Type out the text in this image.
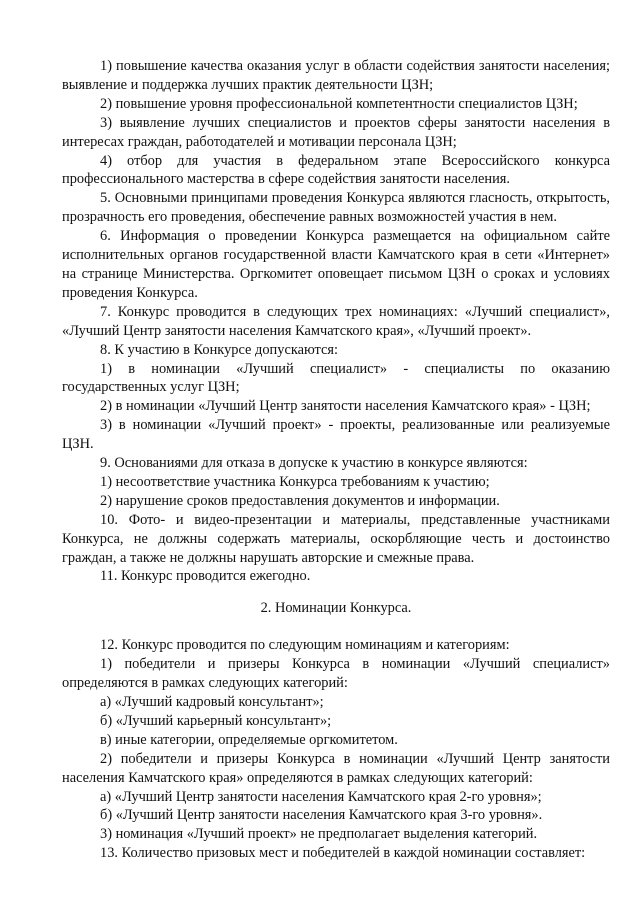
1) повышение качества оказания услуг в области содействия занятости населения; выявление и поддержка лучших практик деятельности ЦЗН;

2) повышение уровня профессиональной компетентности специалистов ЦЗН;

3) выявление лучших специалистов и проектов сферы занятости населения в интересах граждан, работодателей и мотивации персонала ЦЗН;

4) отбор для участия в федеральном этапе Всероссийского конкурса профессионального мастерства в сфере содействия занятости населения.

5. Основными принципами проведения Конкурса являются гласность, открытость, прозрачность его проведения, обеспечение равных возможностей участия в нем.

6. Информация о проведении Конкурса размещается на официальном сайте исполнительных органов государственной власти Камчатского края в сети «Интернет» на странице Министерства. Оргкомитет оповещает письмом ЦЗН о сроках и условиях проведения Конкурса.

7. Конкурс проводится в следующих трех номинациях: «Лучший специалист», «Лучший Центр занятости населения Камчатского края», «Лучший проект».

8. К участию в Конкурсе допускаются:

1) в номинации «Лучший специалист» - специалисты по оказанию государственных услуг ЦЗН;

2) в номинации «Лучший Центр занятости населения Камчатского края» - ЦЗН;

3) в номинации «Лучший проект» - проекты, реализованные или реализуемые ЦЗН.

9. Основаниями для отказа в допуске к участию в конкурсе являются:

1) несоответствие участника Конкурса требованиям к участию;

2) нарушение сроков предоставления документов и информации.

10. Фото- и видео-презентации и материалы, представленные участниками Конкурса, не должны содержать материалы, оскорбляющие честь и достоинство граждан, а также не должны нарушать авторские и смежные права.

11. Конкурс проводится ежегодно.

2. Номинации Конкурса.

12. Конкурс проводится по следующим номинациям и категориям:

1) победители и призеры Конкурса в номинации «Лучший специалист» определяются в рамках следующих категорий:

а) «Лучший кадровый консультант»;

б) «Лучший карьерный консультант»;

в) иные категории, определяемые оргкомитетом.

2) победители и призеры Конкурса в номинации «Лучший Центр занятости населения Камчатского края» определяются в рамках следующих категорий:

а) «Лучший Центр занятости населения Камчатского края 2-го уровня»;

б) «Лучший Центр занятости населения Камчатского края 3-го уровня».

3) номинация «Лучший проект» не предполагает выделения категорий.

13. Количество призовых мест и победителей в каждой номинации составляет:
